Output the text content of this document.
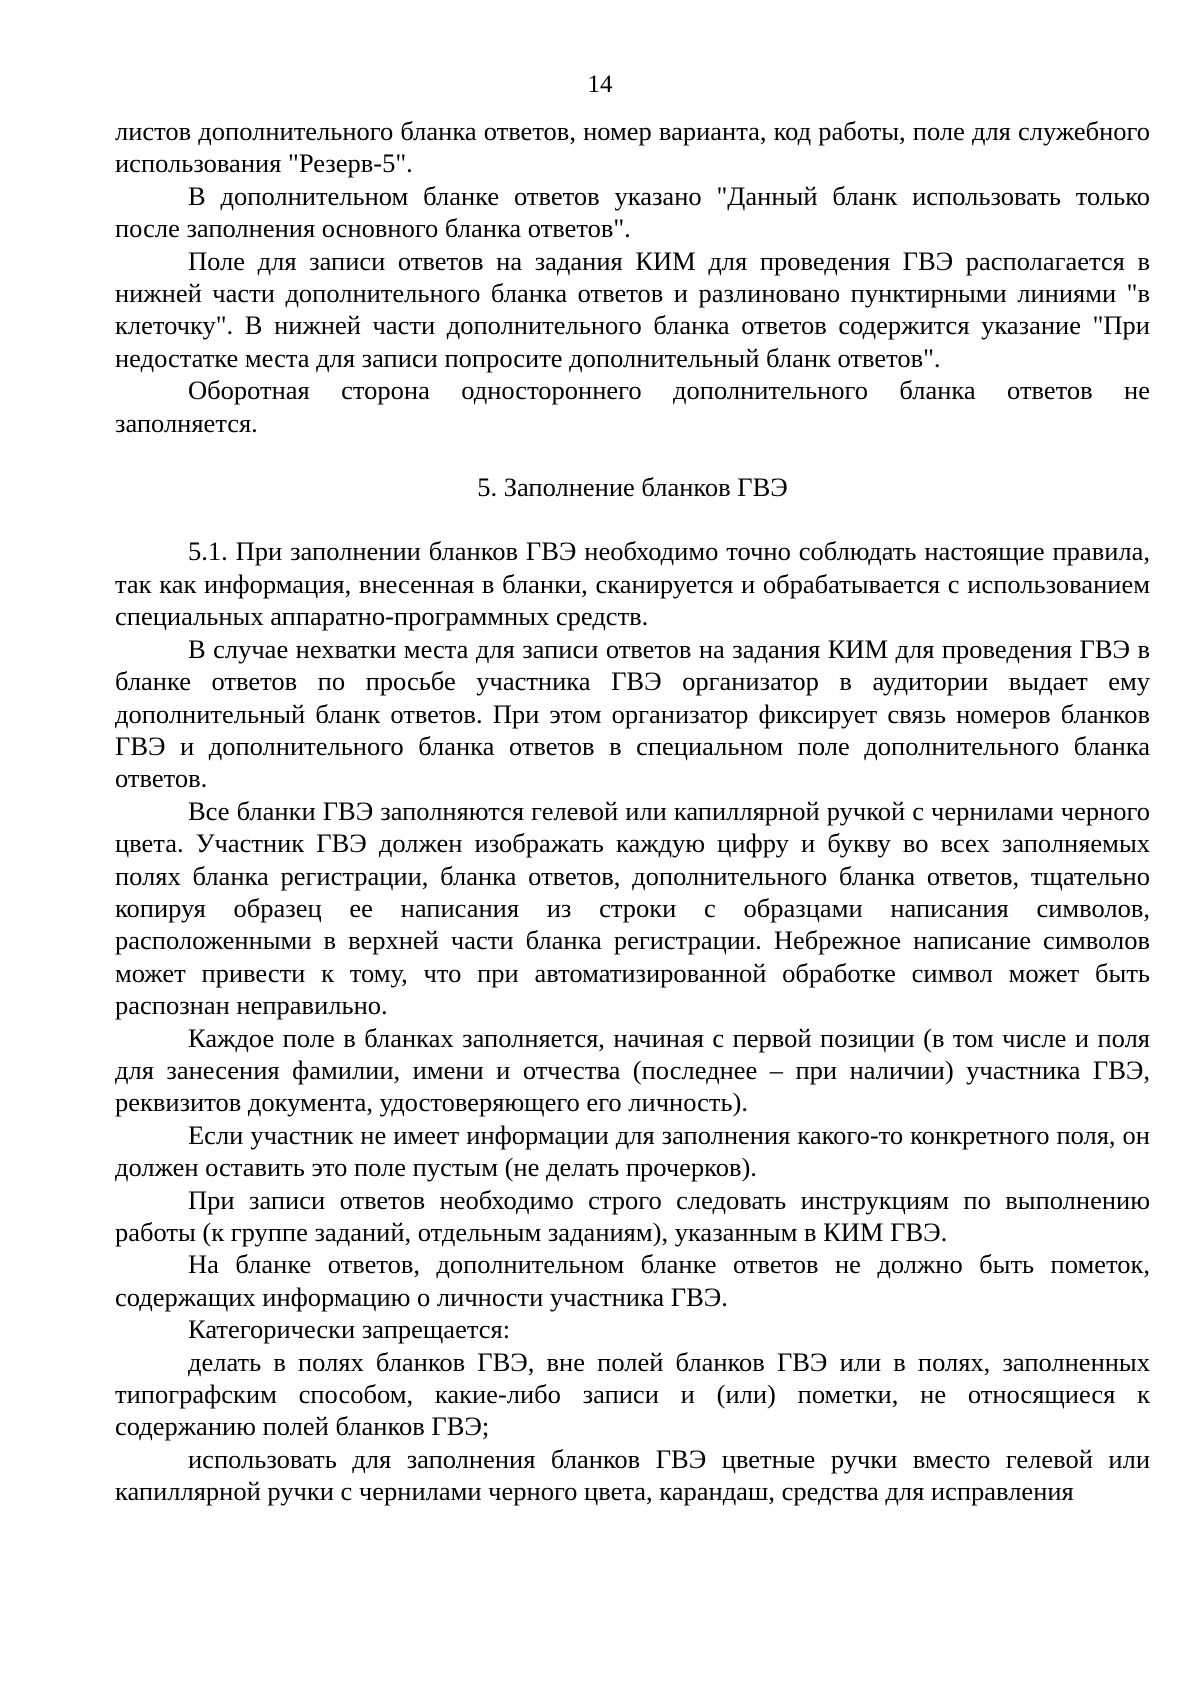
14

листов дополнительного бланка ответов, номер варианта, код работы, поле для служебного использования "Резерв-5".

В дополнительном бланке ответов указано "Данный бланк использовать только после заполнения основного бланка ответов".

Поле для записи ответов на задания КИМ для проведения ГВЭ располагается в нижней части дополнительного бланка ответов и разлиновано пунктирными линиями "в клеточку". В нижней части дополнительного бланка ответов содержится указание "При недостатке места для записи попросите дополнительный бланк ответов".

Оборотная сторона одностороннего дополнительного бланка ответов не заполняется.

5. Заполнение бланков ГВЭ

5.1. При заполнении бланков ГВЭ необходимо точно соблюдать настоящие правила, так как информация, внесенная в бланки, сканируется и обрабатывается с использованием специальных аппаратно-программных средств.

В случае нехватки места для записи ответов на задания КИМ для проведения ГВЭ в бланке ответов по просьбе участника ГВЭ организатор в аудитории выдает ему дополнительный бланк ответов. При этом организатор фиксирует связь номеров бланков ГВЭ и дополнительного бланка ответов в специальном поле дополнительного бланка ответов.

Все бланки ГВЭ заполняются гелевой или капиллярной ручкой с чернилами черного цвета. Участник ГВЭ должен изображать каждую цифру и букву во всех заполняемых полях бланка регистрации, бланка ответов, дополнительного бланка ответов, тщательно копируя образец ее написания из строки с образцами написания символов, расположенными в верхней части бланка регистрации. Небрежное написание символов может привести к тому, что при автоматизированной обработке символ может быть распознан неправильно.

Каждое поле в бланках заполняется, начиная с первой позиции (в том числе и поля для занесения фамилии, имени и отчества (последнее – при наличии) участника ГВЭ, реквизитов документа, удостоверяющего его личность).

Если участник не имеет информации для заполнения какого-то конкретного поля, он должен оставить это поле пустым (не делать прочерков).

При записи ответов необходимо строго следовать инструкциям по выполнению работы (к группе заданий, отдельным заданиям), указанным в КИМ ГВЭ.

На бланке ответов, дополнительном бланке ответов не должно быть пометок, содержащих информацию о личности участника ГВЭ.

Категорически запрещается:

делать в полях бланков ГВЭ, вне полей бланков ГВЭ или в полях, заполненных типографским способом, какие-либо записи и (или) пометки, не относящиеся к содержанию полей бланков ГВЭ;

использовать для заполнения бланков ГВЭ цветные ручки вместо гелевой или капиллярной ручки с чернилами черного цвета, карандаш, средства для исправления
